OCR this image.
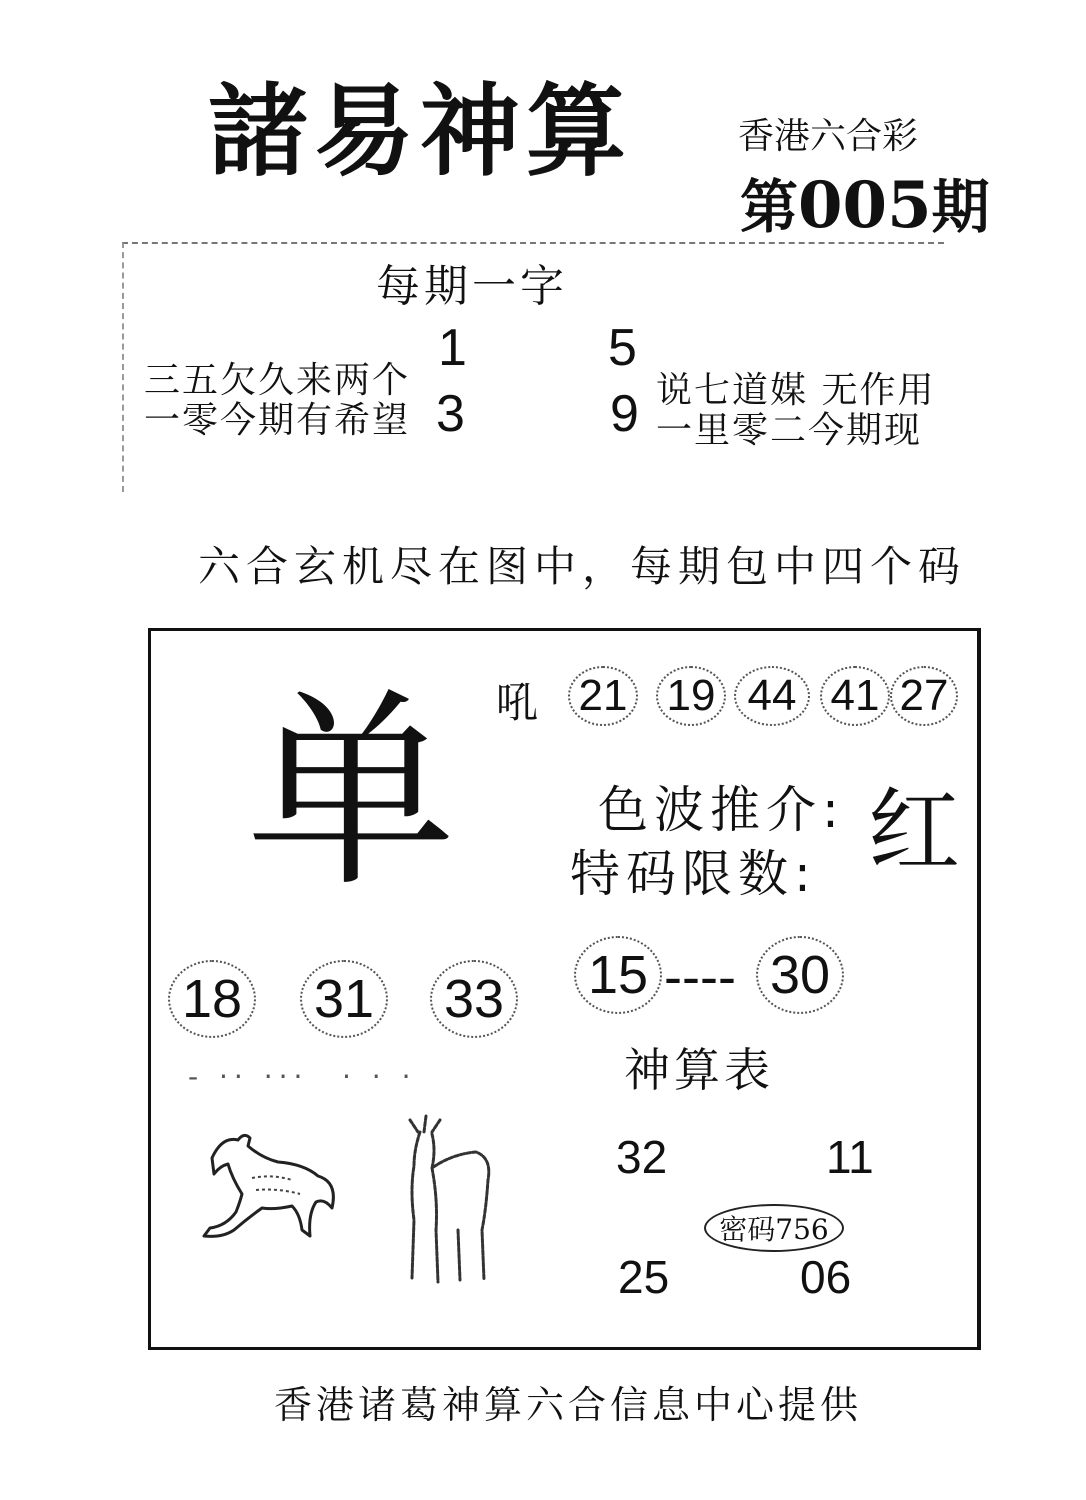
諸易神算	香港六合彩
第005期
每期一字
1	5
3	9
三五欠久来两个
一零今期有希望
说七道媒 无作用
一里零二今期现
六合玄机尽在图中，每期包中四个码
单 吼 21 19 44 41 27
色波推介: 红
特码限数:
15 ---- 30
18 31 33
- ·· ··· · · ·	神算表
32	11
密码756
25	06
香港诸葛神算六合信息中心提供
